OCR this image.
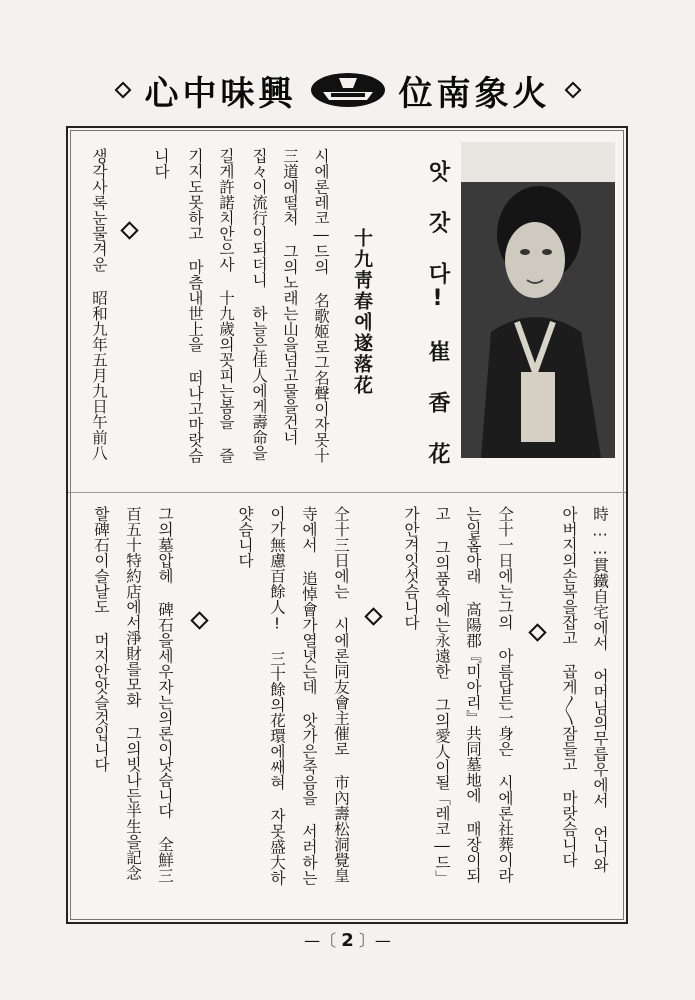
心中味興	位南象火
앗 갓 다! 崔 香 花
十九靑春에遂落花
시에론레코―드의 名歌姬로그名聲이자못十
三道에떨처 그의노래는山을넘고물을건너
집々이流行이되더니 하늘은佳人에게壽命을
길게許諾치안으사 十九歲의꼿피는봄을 즐
기지도못하고 마츰내世上을 떠나고마랏슴
니다
생각사록눈물겨운 昭和九年五月九日午前八
時……貫鐵自宅에서 어머님의무릅우에서 언니와
아버지의손목을잡고 곱게〳〵잠들고 마랏슴니다
仝十一日에는그의 아름답든一身은 시에론社葬이라
는일홈아래 高陽郡『미아리』共同墓地에 매장이되
고 그의품속에는永遠한 그의愛人이될「레코―드」
가안겨잇섯슴니다
仝十三日에는 시에론同友會主催로 市內壽松洞覺皇
寺에서 追悼會가열녓는데 앗가은죽음을 서러하는
이가無慮百餘人! 三十餘의花環에쌔혀 자못盛大하
얏슴니다
그의墓압헤 碑石을세우자는의론이낫슴니다 全鮮三
百五十特約店에서淨財를모화 그의빗나든半生을記念
할碑石이슬날도 머지안앗슬것입니다
—〔 2 〕—
